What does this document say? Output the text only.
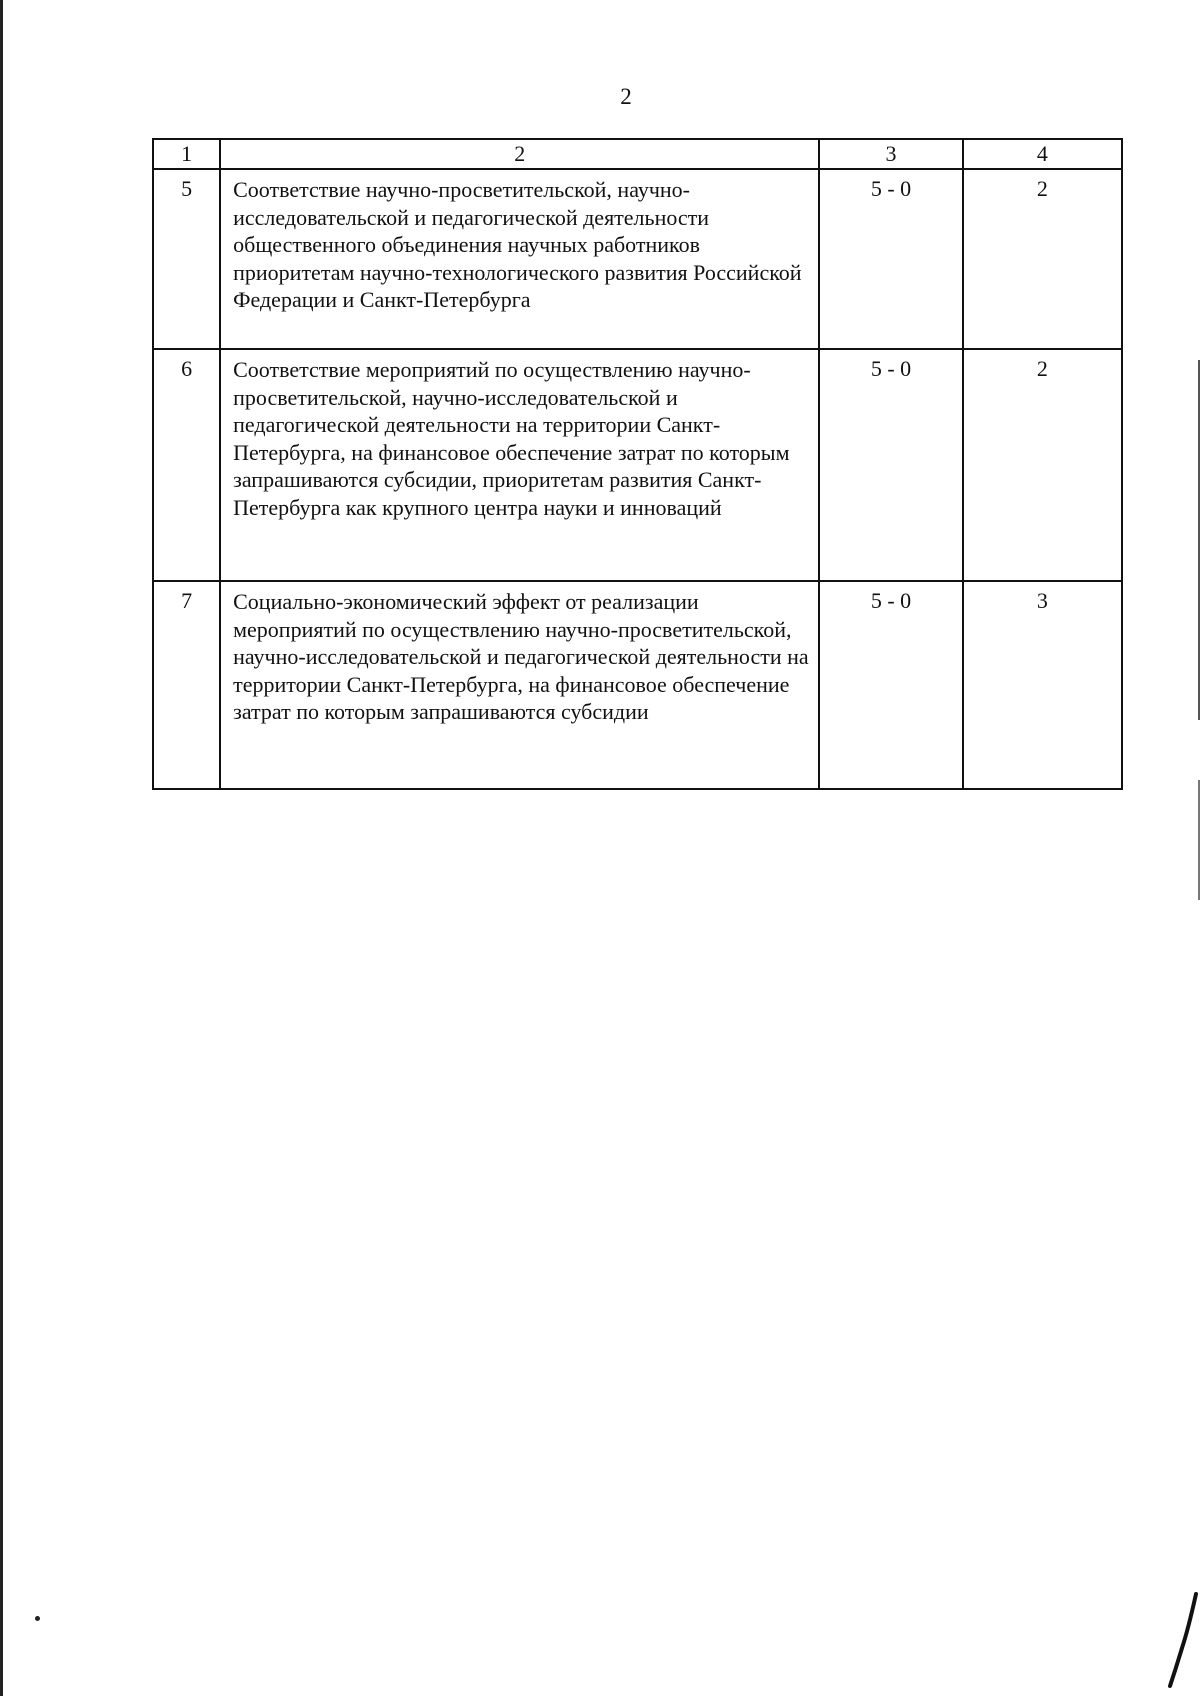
2
1	2	3	4
5	Соответствие научно-просветительской, научно-исследовательской и педагогической деятельности общественного объединения научных работников приоритетам научно-технологического развития Российской Федерации и Санкт-Петербурга	5 - 0	2
6	Соответствие мероприятий по осуществлению научно-просветительской, научно-исследовательской и педагогической деятельности на территории Санкт-Петербурга, на финансовое обеспечение затрат по которым запрашиваются субсидии, приоритетам развития Санкт-Петербурга как крупного центра науки и инноваций	5 - 0	2
7	Социально-экономический эффект от реализации мероприятий по осуществлению научно-просветительской, научно-исследовательской и педагогической деятельности на территории Санкт-Петербурга, на финансовое обеспечение затрат по которым запрашиваются субсидии	5 - 0	3
